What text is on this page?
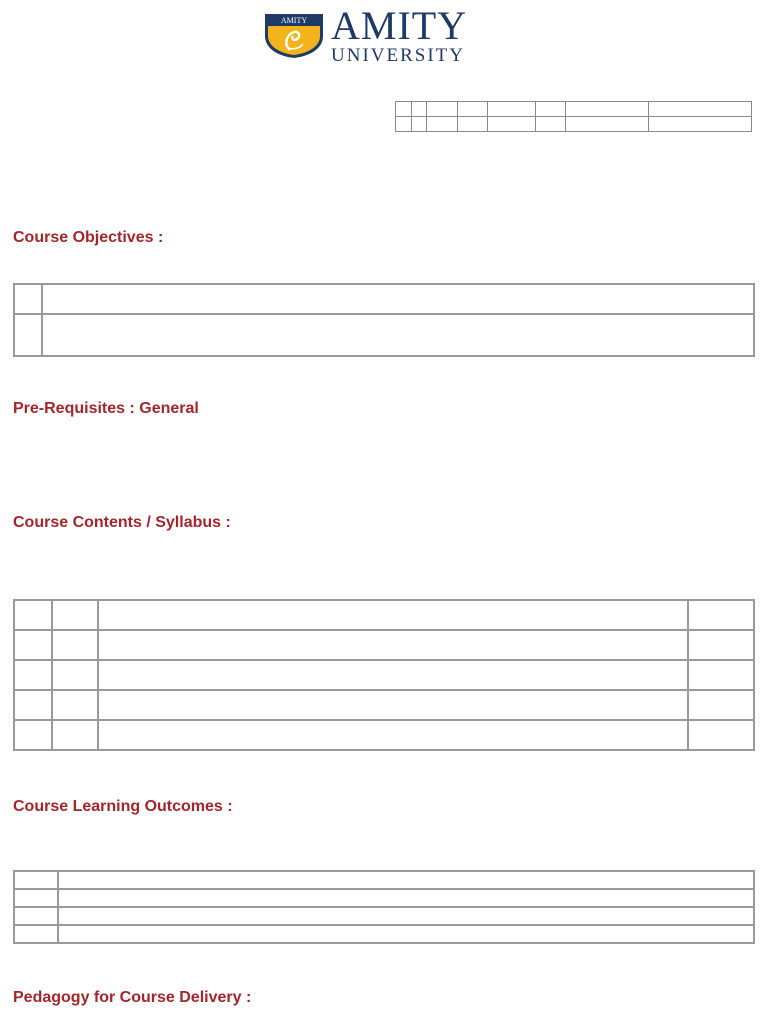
AMITY AMITY
UNIVERSITY

Course Objectives :

Pre-Requisites : General
Course Contents / Syllabus :

Course Learning Outcomes :

Pedagogy for Course Delivery :
